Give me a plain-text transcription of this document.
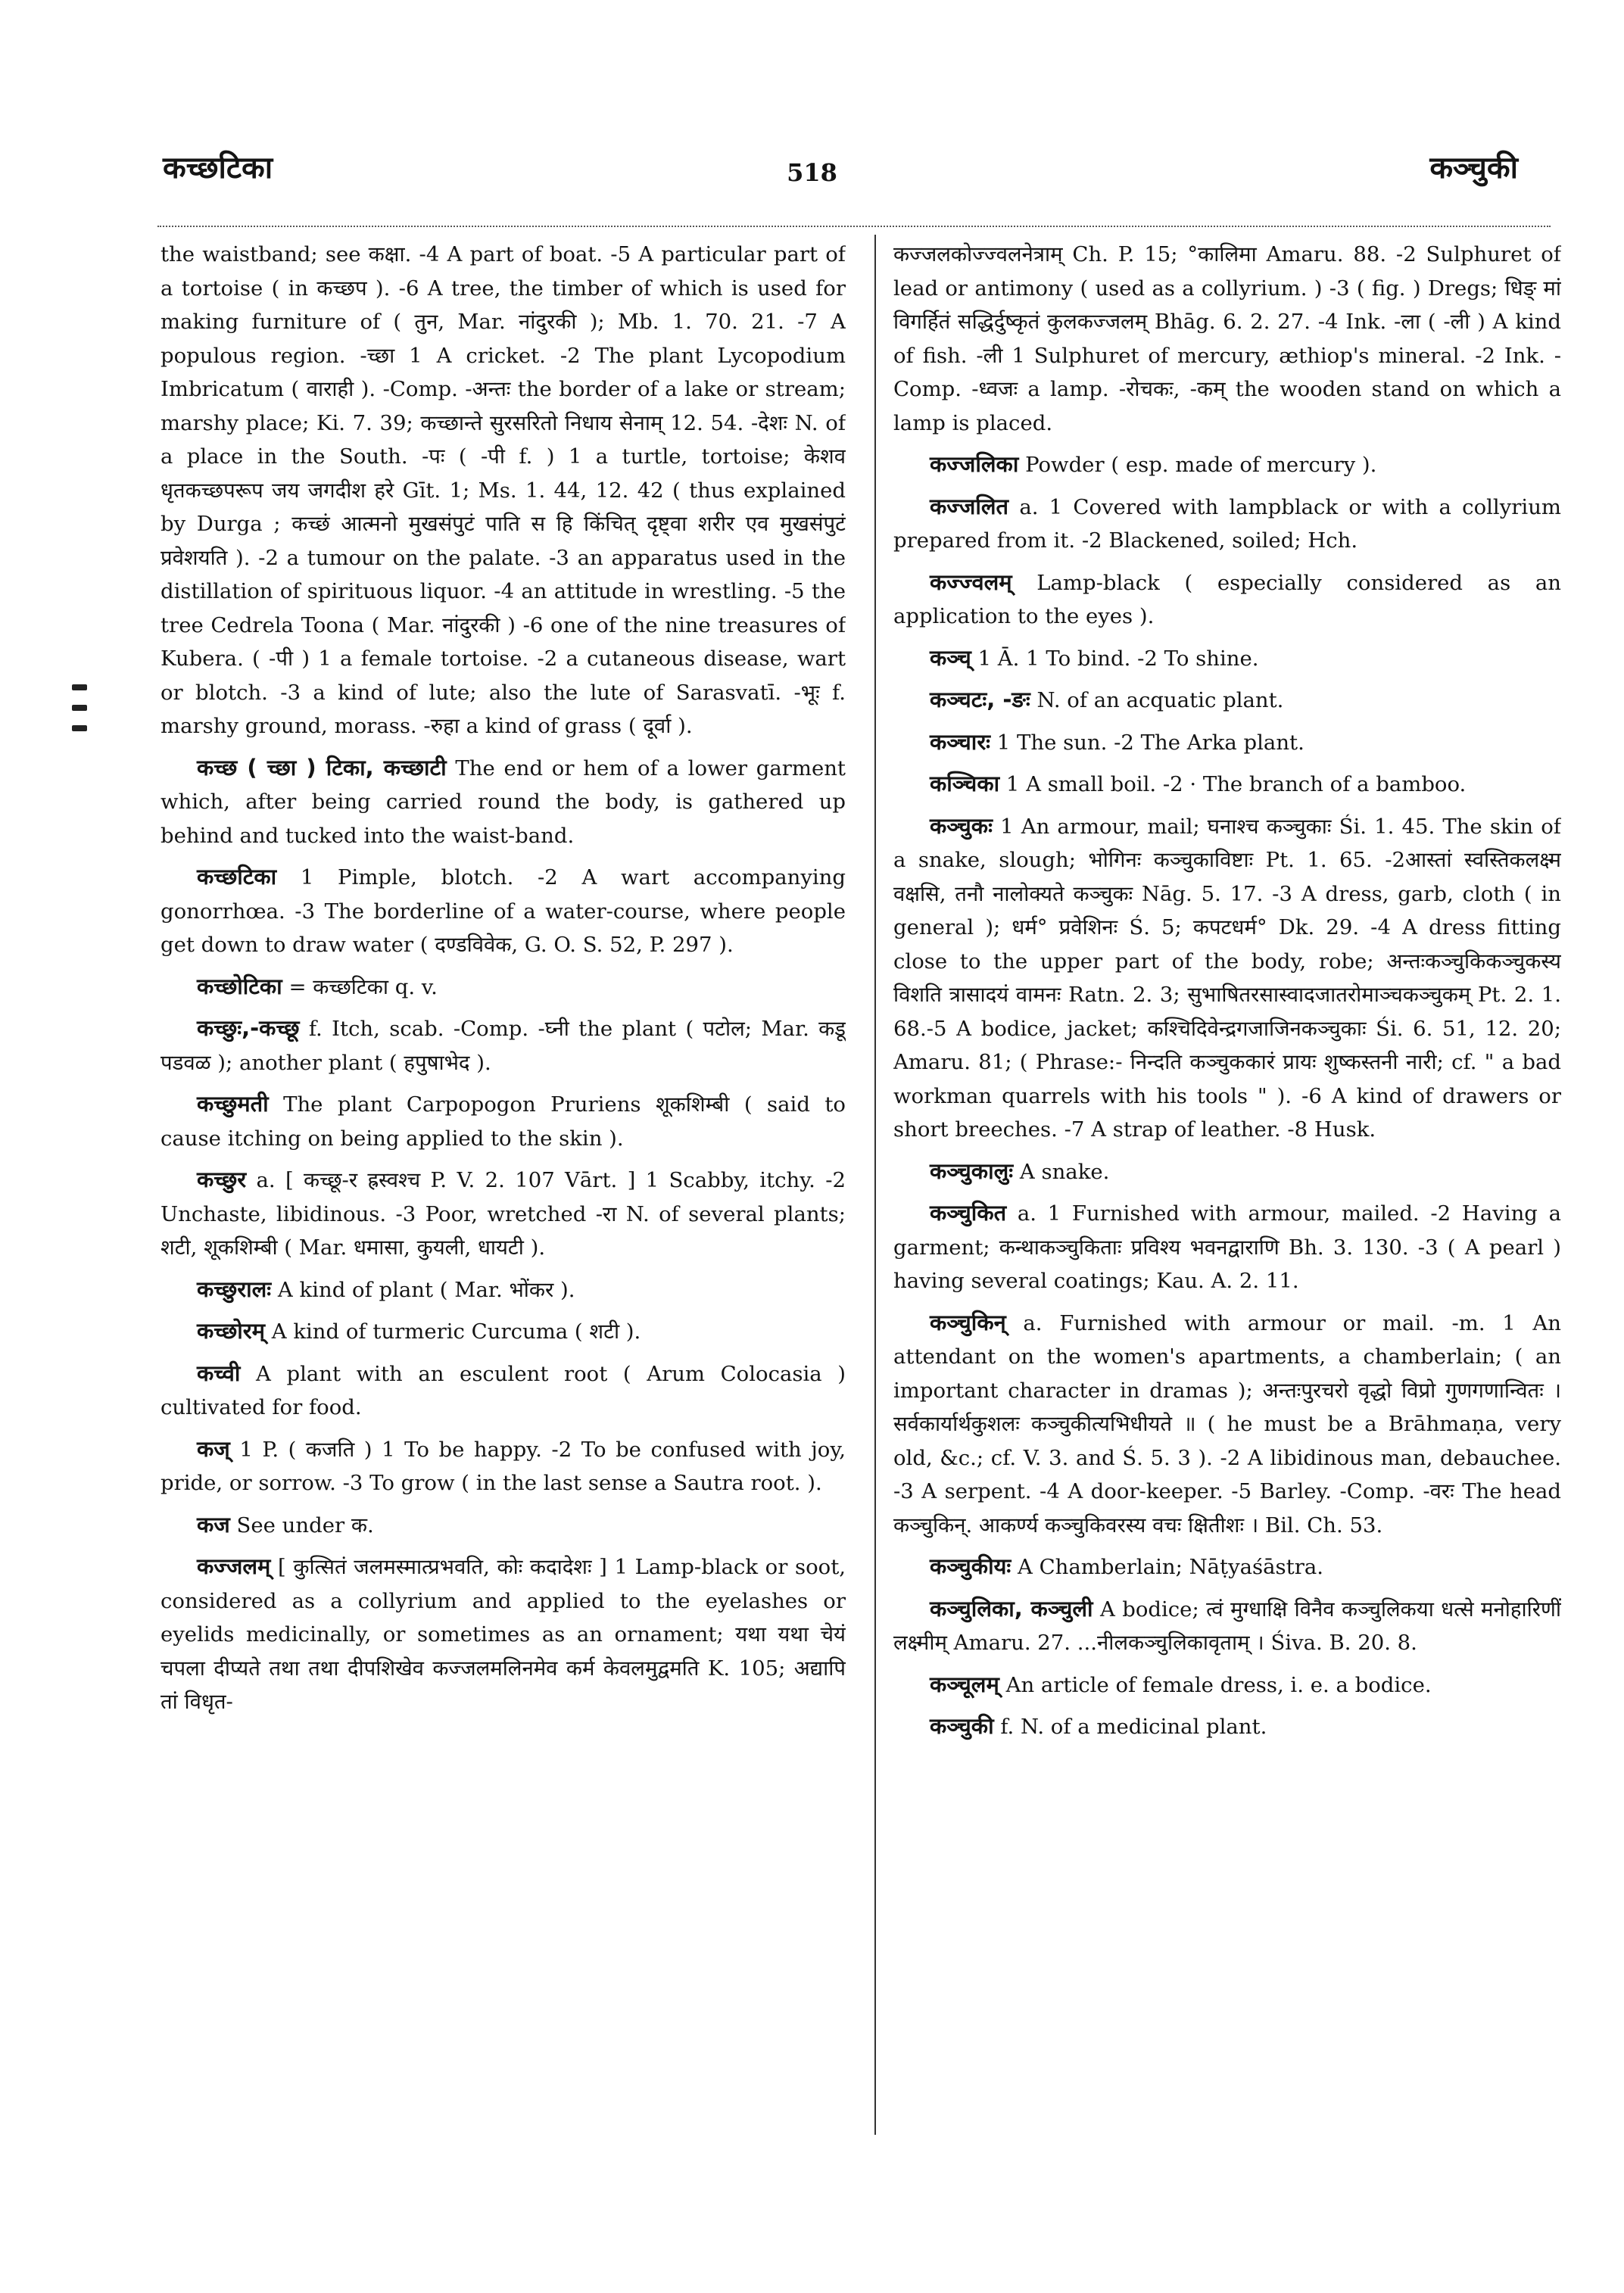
कच्छटिका	518	कञ्चुकी

the waistband; see कक्षा. -4 A part of boat. -5 A particular part of a tortoise ( in कच्छप ). -6 A tree, the timber of which is used for making furniture of ( तुन, Mar. नांदुरकी ); Mb. 1. 70. 21. -7 A populous region. -च्छा 1 A cricket. -2 The plant Lycopodium Imbricatum ( वाराही ). -Comp. -अन्तः the border of a lake or stream; marshy place; Ki. 7. 39; कच्छान्ते सुरसरितो निधाय सेनाम् 12. 54. -देशः N. of a place in the South. -पः ( -पी f. ) 1 a turtle, tortoise; केशव धृतकच्छपरूप जय जगदीश हरे Gīt. 1; Ms. 1. 44, 12. 42 ( thus explained by Durga ; कच्छं आत्मनो मुखसंपुटं पाति स हि किंचित् दृष्ट्वा शरीर एव मुखसंपुटं प्रवेशयति ). -2 a tumour on the palate. -3 an apparatus used in the distillation of spirituous liquor. -4 an attitude in wrestling. -5 the tree Cedrela Toona ( Mar. नांदुरकी ) -6 one of the nine treasures of Kubera. ( -पी ) 1 a female tortoise. -2 a cutaneous disease, wart or blotch. -3 a kind of lute; also the lute of Sarasvatī. -भूः f. marshy ground, morass. -रुहा a kind of grass ( दूर्वा ).

कच्छ ( च्छा ) टिका, कच्छाटी The end or hem of a lower garment which, after being carried round the body, is gathered up behind and tucked into the waist-band.

कच्छटिका 1 Pimple, blotch. -2 A wart accompanying gonorrhœa. -3 The borderline of a water-course, where people get down to draw water ( दण्डविवेक, G. O. S. 52, P. 297 ).

कच्छोटिका = कच्छटिका q. v.

कच्छुः,-कच्छू f. Itch, scab. -Comp. -घ्नी the plant ( पटोल; Mar. कडू पडवळ ); another plant ( हपुषाभेद ).

कच्छुमती The plant Carpopogon Pruriens शूकशिम्बी ( said to cause itching on being applied to the skin ).

कच्छुर a. [ कच्छू-र ह्रस्वश्च P. V. 2. 107 Vārt. ] 1 Scabby, itchy. -2 Unchaste, libidinous. -3 Poor, wretched -रा N. of several plants; शटी, शूकशिम्बी ( Mar. धमासा, कुयली, धायटी ).

कच्छुरालः A kind of plant ( Mar. भोंकर ).

कच्छोरम् A kind of turmeric Curcuma ( शटी ).

कच्वी A plant with an esculent root ( Arum Colocasia ) cultivated for food.

कज् 1 P. ( कजति ) 1 To be happy. -2 To be confused with joy, pride, or sorrow. -3 To grow ( in the last sense a Sautra root. ).

कज See under क.

कज्जलम् [ कुत्सितं जलमस्मात्प्रभवति, कोः कदादेशः ] 1 Lamp-black or soot, considered as a collyrium and applied to the eyelashes or eyelids medicinally, or sometimes as an ornament; यथा यथा चेयं चपला दीप्यते तथा तथा दीपशिखेव कज्जलमलिनमेव कर्म केवलमुद्वमति K. 105; अद्यापि तां विधृत-

कज्जलकोज्ज्वलनेत्राम् Ch. P. 15; °कालिमा Amaru. 88. -2 Sulphuret of lead or antimony ( used as a collyrium. ) -3 ( fig. ) Dregs; धिङ् मां विगर्हितं सद्धिर्दुष्कृतं कुलकज्जलम् Bhāg. 6. 2. 27. -4 Ink. -ला ( -ली ) A kind of fish. -ली 1 Sulphuret of mercury, æthiop's mineral. -2 Ink. -Comp. -ध्वजः a lamp. -रोचकः, -कम् the wooden stand on which a lamp is placed.

कज्जलिका Powder ( esp. made of mercury ).

कज्जलित a. 1 Covered with lampblack or with a collyrium prepared from it. -2 Blackened, soiled; Hch.

कज्ज्वलम् Lamp-black ( especially considered as an application to the eyes ).

कञ्च् 1 Ā. 1 To bind. -2 To shine.

कञ्चटः, -ङः N. of an acquatic plant.

कञ्चारः 1 The sun. -2 The Arka plant.

कञ्चिका 1 A small boil. -2 · The branch of a bamboo.

कञ्चुकः 1 An armour, mail; घनाश्च कञ्चुकाः Śi. 1. 45. The skin of a snake, slough; भोगिनः कञ्चुकाविष्टाः Pt. 1. 65. -2आस्तां स्वस्तिकलक्ष्म वक्षसि, तनौ नालोक्यते कञ्चुकः Nāg. 5. 17. -3 A dress, garb, cloth ( in general ); धर्म° प्रवेशिनः Ś. 5; कपटधर्म° Dk. 29. -4 A dress fitting close to the upper part of the body, robe; अन्तःकञ्चुकिकञ्चुकस्य विशति त्रासादयं वामनः Ratn. 2. 3; सुभाषितरसास्वादजातरोमाञ्चकञ्चुकम् Pt. 2. 1. 68.-5 A bodice, jacket; कश्चिदिवेन्द्रगजाजिनकञ्चुकाः Śi. 6. 51, 12. 20; Amaru. 81; ( Phrase:- निन्दति कञ्चुककारं प्रायः शुष्कस्तनी नारी; cf. " a bad workman quarrels with his tools " ). -6 A kind of drawers or short breeches. -7 A strap of leather. -8 Husk.

कञ्चुकालुः A snake.

कञ्चुकित a. 1 Furnished with armour, mailed. -2 Having a garment; कन्थाकञ्चुकिताः प्रविश्य भवनद्वाराणि Bh. 3. 130. -3 ( A pearl ) having several coatings; Kau. A. 2. 11.

कञ्चुकिन् a. Furnished with armour or mail. -m. 1 An attendant on the women's apartments, a chamberlain; ( an important character in dramas ); अन्तःपुरचरो वृद्धो विप्रो गुणगणान्वितः । सर्वकार्यार्थकुशलः कञ्चुकीत्यभिधीयते ॥ ( he must be a Brāhmaṇa, very old, &c.; cf. V. 3. and Ś. 5. 3 ). -2 A libidinous man, debauchee. -3 A serpent. -4 A door-keeper. -5 Barley. -Comp. -वरः The head कञ्चुकिन्. आकर्ण्य कञ्चुकिवरस्य वचः क्षितीशः । Bil. Ch. 53.

कञ्चुकीयः A Chamberlain; Nāṭyaśāstra.

कञ्चुलिका, कञ्चुली A bodice; त्वं मुग्धाक्षि विनैव कञ्चुलिकया धत्से मनोहारिणीं लक्ष्मीम् Amaru. 27. ...नीलकञ्चुलिकावृताम् । Śiva. B. 20. 8.

कञ्चूलम् An article of female dress, i. e. a bodice.

कञ्चुकी f. N. of a medicinal plant.
